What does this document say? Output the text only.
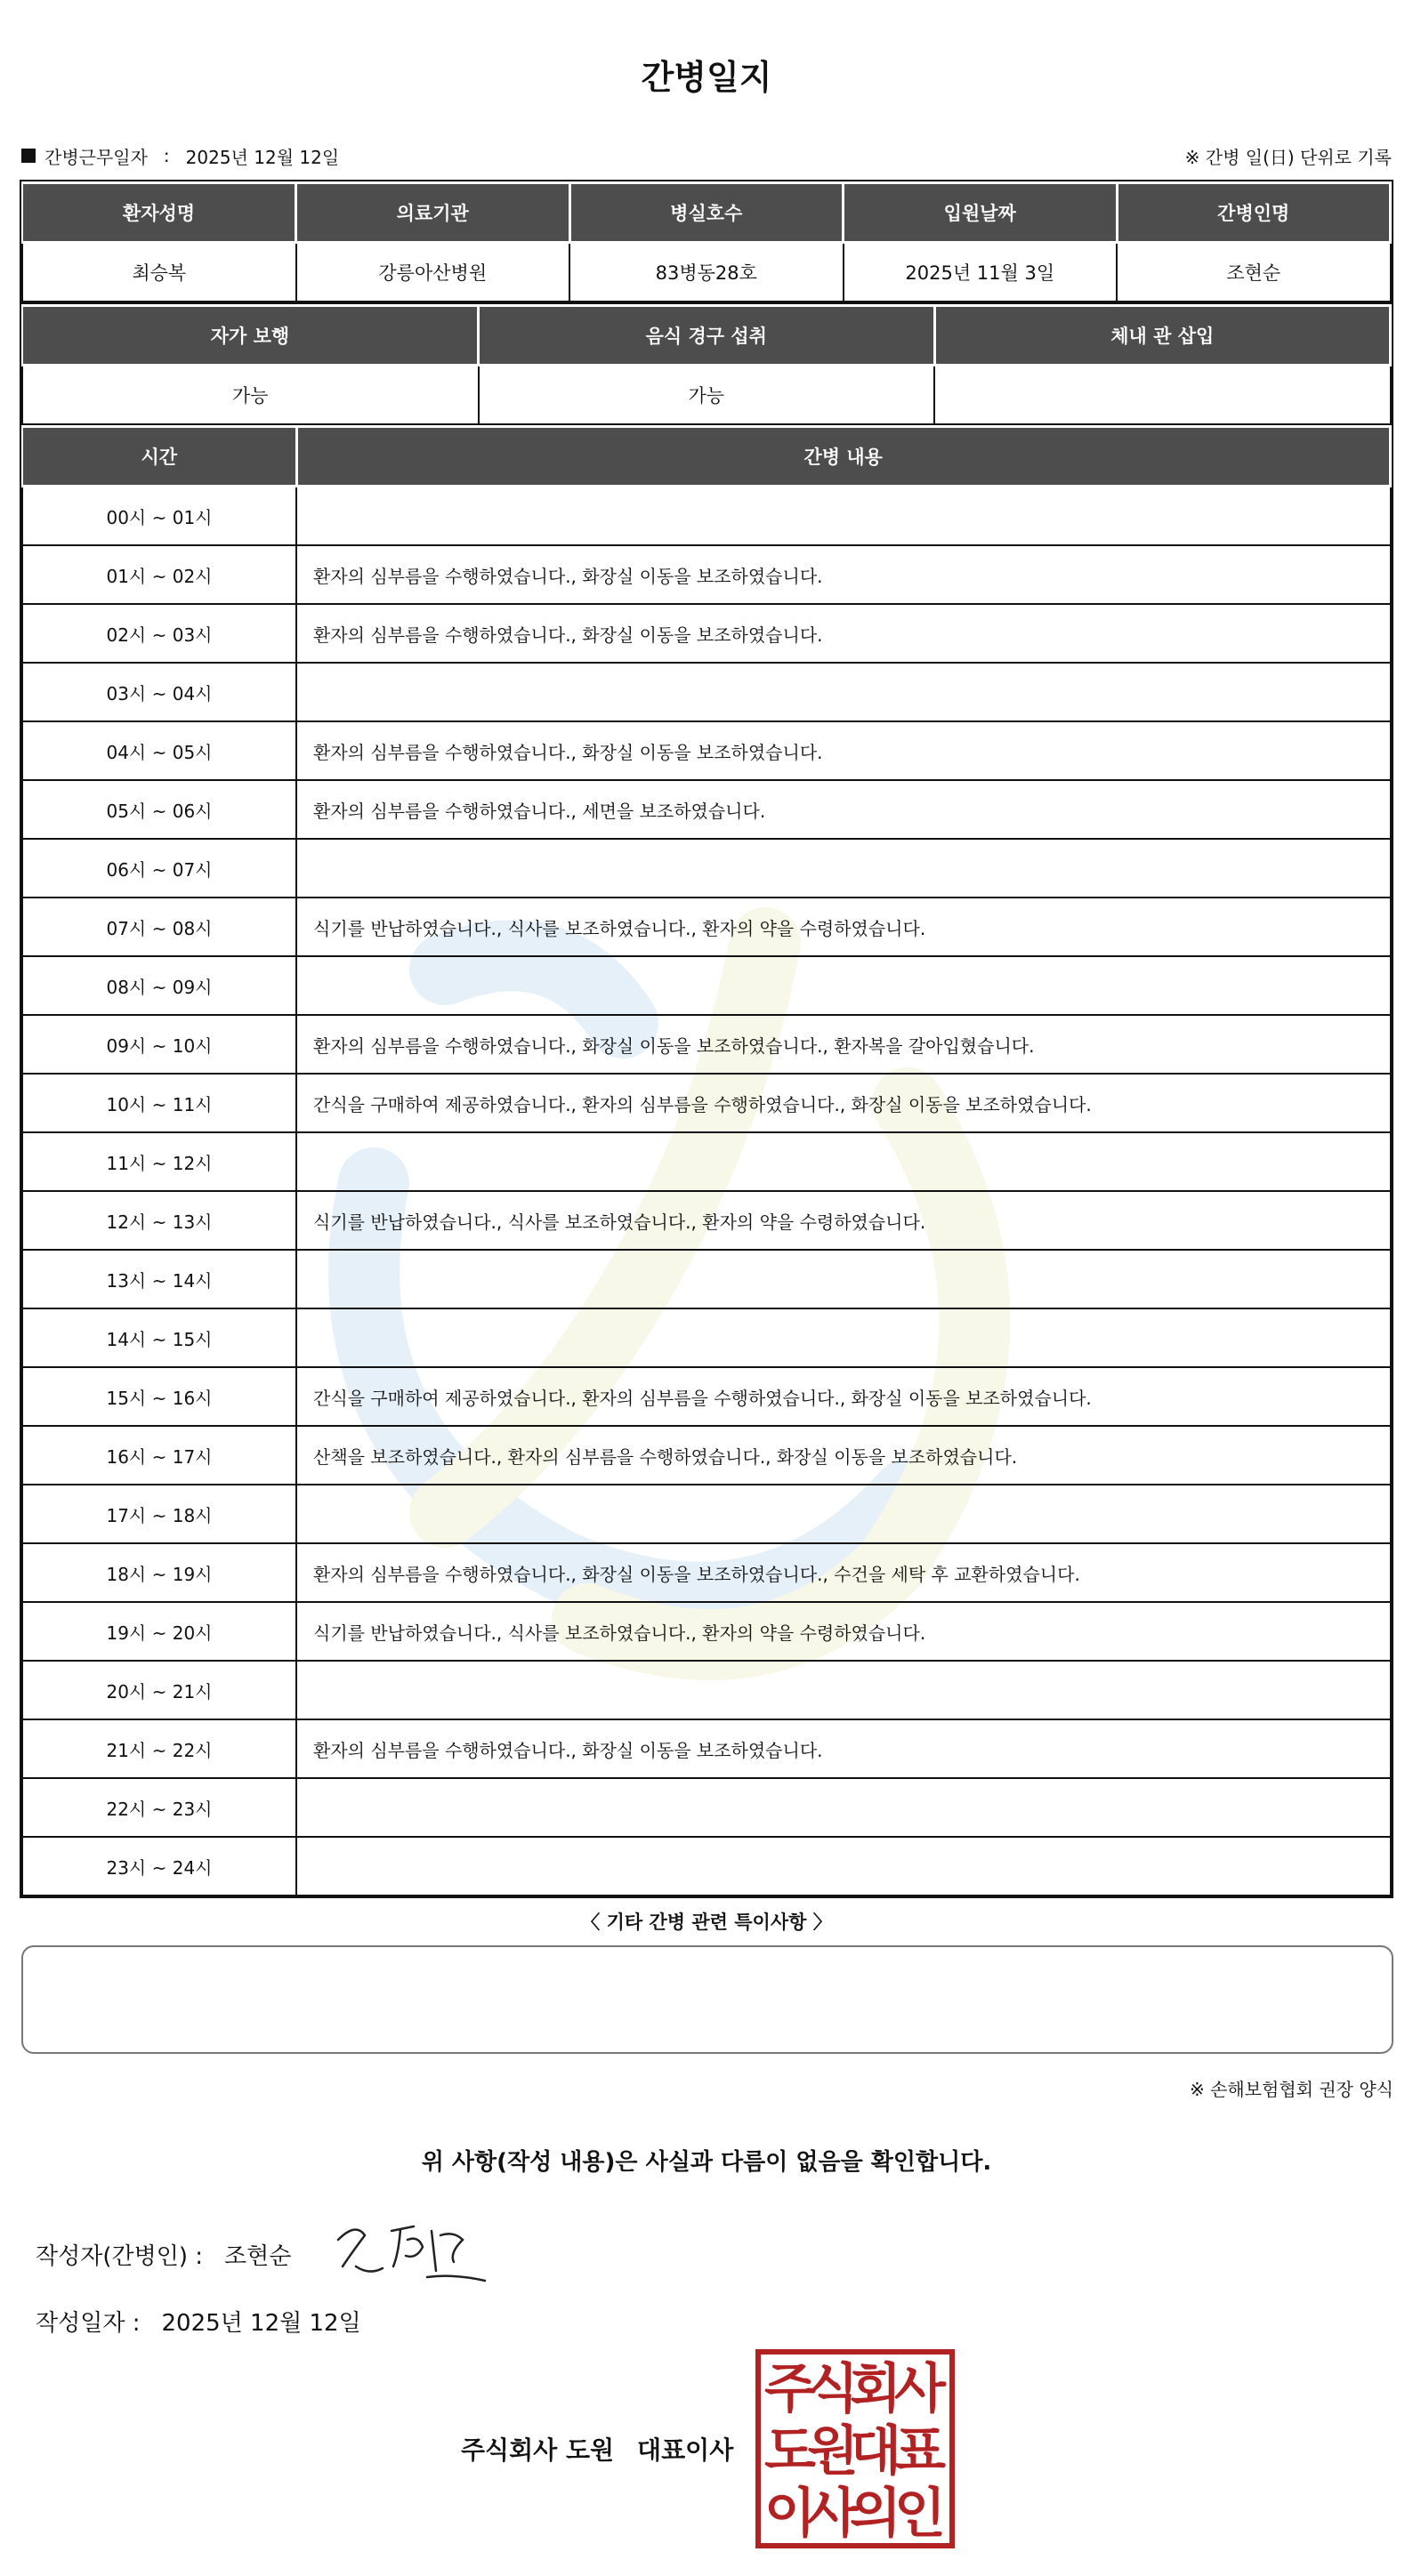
간병일지
간병근무일자 : 2025년 12월 12일	※ 간병 일(日) 단위로 기록
환자성명	의료기관	병실호수	입원날짜	간병인명
최승복	강릉아산병원	83병동28호	2025년 11월 3일	조현순
자가 보행	음식 경구 섭취	체내 관 삽입
가능	가능	
시간	간병 내용
00시 ~ 01시	
01시 ~ 02시	환자의 심부름을 수행하였습니다., 화장실 이동을 보조하였습니다.
02시 ~ 03시	환자의 심부름을 수행하였습니다., 화장실 이동을 보조하였습니다.
03시 ~ 04시	
04시 ~ 05시	환자의 심부름을 수행하였습니다., 화장실 이동을 보조하였습니다.
05시 ~ 06시	환자의 심부름을 수행하였습니다., 세면을 보조하였습니다.
06시 ~ 07시	
07시 ~ 08시	식기를 반납하였습니다., 식사를 보조하였습니다., 환자의 약을 수령하였습니다.
08시 ~ 09시	
09시 ~ 10시	환자의 심부름을 수행하였습니다., 화장실 이동을 보조하였습니다., 환자복을 갈아입혔습니다.
10시 ~ 11시	간식을 구매하여 제공하였습니다., 환자의 심부름을 수행하였습니다., 화장실 이동을 보조하였습니다.
11시 ~ 12시	
12시 ~ 13시	식기를 반납하였습니다., 식사를 보조하였습니다., 환자의 약을 수령하였습니다.
13시 ~ 14시	
14시 ~ 15시	
15시 ~ 16시	간식을 구매하여 제공하였습니다., 환자의 심부름을 수행하였습니다., 화장실 이동을 보조하였습니다.
16시 ~ 17시	산책을 보조하였습니다., 환자의 심부름을 수행하였습니다., 화장실 이동을 보조하였습니다.
17시 ~ 18시	
18시 ~ 19시	환자의 심부름을 수행하였습니다., 화장실 이동을 보조하였습니다., 수건을 세탁 후 교환하였습니다.
19시 ~ 20시	식기를 반납하였습니다., 식사를 보조하였습니다., 환자의 약을 수령하였습니다.
20시 ~ 21시	
21시 ~ 22시	환자의 심부름을 수행하였습니다., 화장실 이동을 보조하였습니다.
22시 ~ 23시	
23시 ~ 24시	
〈 기타 간병 관련 특이사항 〉
※ 손해보험협회 권장 양식
위 사항(작성 내용)은 사실과 다름이 없음을 확인합니다.
작성자(간병인) : 조현순
작성일자 : 2025년 12월 12일
주식회사 도원 대표이사
주
식
회
사
도
원
대
표
이
사
의
인
